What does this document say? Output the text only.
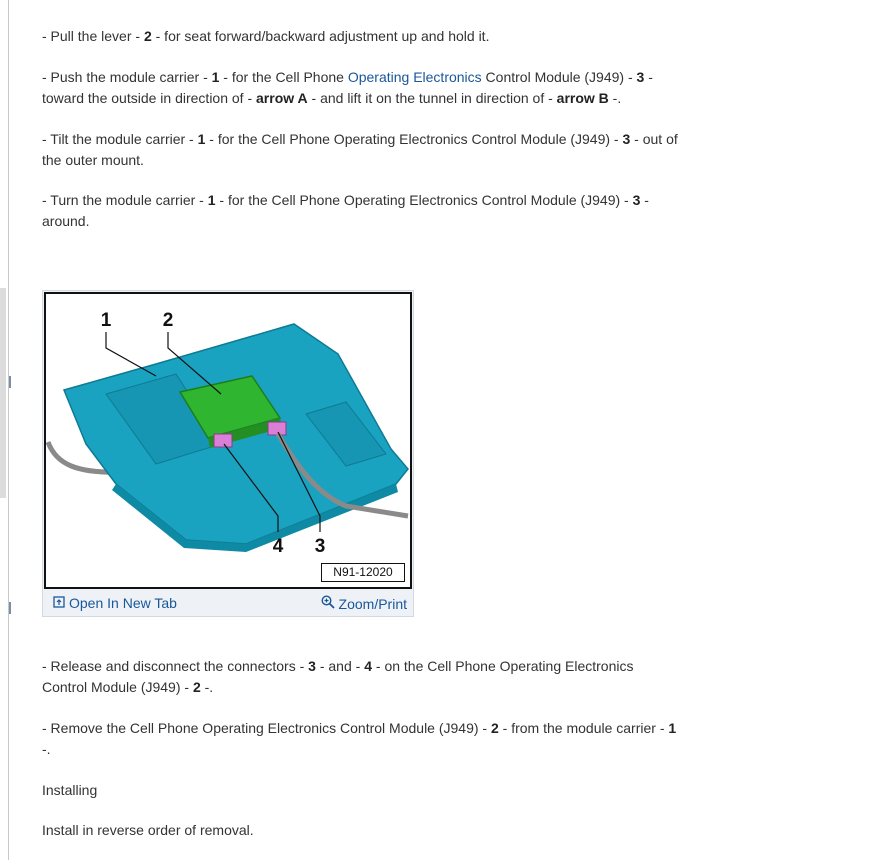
- Pull the lever - 2 - for seat forward/backward adjustment up and hold it.

- Push the module carrier - 1 - for the Cell Phone Operating Electronics Control Module (J949) - 3 - toward the outside in direction of - arrow A - and lift it on the tunnel in direction of - arrow B -.

- Tilt the module carrier - 1 - for the Cell Phone Operating Electronics Control Module (J949) - 3 - out of the outer mount.

- Turn the module carrier - 1 - for the Cell Phone Operating Electronics Control Module (J949) - 3 - around.

1	2
4 3
N91-12020
Open In New Tab	Zoom/Print

- Release and disconnect the connectors - 3 - and - 4 - on the Cell Phone Operating Electronics Control Module (J949) - 2 -.

- Remove the Cell Phone Operating Electronics Control Module (J949) - 2 - from the module carrier - 1 -.

Installing

Install in reverse order of removal.
